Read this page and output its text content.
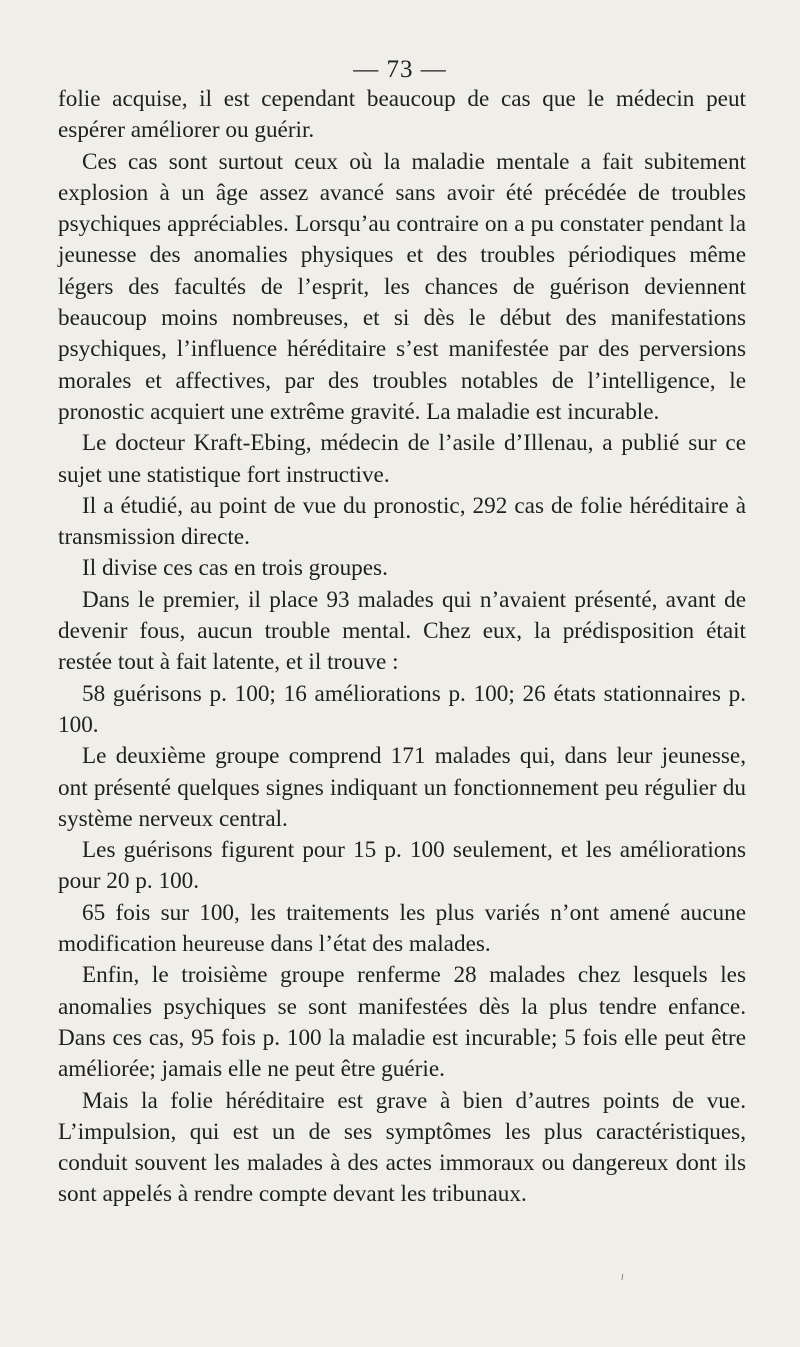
— 73 —

folie acquise, il est cependant beaucoup de cas que le médecin peut espérer améliorer ou guérir.

Ces cas sont surtout ceux où la maladie mentale a fait subitement explosion à un âge assez avancé sans avoir été précédée de troubles psychiques appréciables. Lorsqu’au contraire on a pu constater pendant la jeunesse des anomalies physiques et des troubles périodiques même légers des facultés de l’esprit, les chances de guérison deviennent beaucoup moins nombreuses, et si dès le début des manifestations psychiques, l’influence héréditaire s’est manifestée par des perversions morales et affectives, par des troubles notables de l’intelligence, le pronostic acquiert une extrême gravité. La maladie est incurable.

Le docteur Kraft-Ebing, médecin de l’asile d’Illenau, a publié sur ce sujet une statistique fort instructive.

Il a étudié, au point de vue du pronostic, 292 cas de folie héréditaire à transmission directe.

Il divise ces cas en trois groupes.

Dans le premier, il place 93 malades qui n’avaient présenté, avant de devenir fous, aucun trouble mental. Chez eux, la prédisposition était restée tout à fait latente, et il trouve :

58 guérisons p. 100; 16 améliorations p. 100; 26 états stationnaires p. 100.

Le deuxième groupe comprend 171 malades qui, dans leur jeunesse, ont présenté quelques signes indiquant un fonctionnement peu régulier du système nerveux central.

Les guérisons figurent pour 15 p. 100 seulement, et les améliorations pour 20 p. 100.

65 fois sur 100, les traitements les plus variés n’ont amené aucune modification heureuse dans l’état des malades.

Enfin, le troisième groupe renferme 28 malades chez lesquels les anomalies psychiques se sont manifestées dès la plus tendre enfance. Dans ces cas, 95 fois p. 100 la maladie est incurable; 5 fois elle peut être améliorée; jamais elle ne peut être guérie.

Mais la folie héréditaire est grave à bien d’autres points de vue. L’impulsion, qui est un de ses symptômes les plus caractéristiques, conduit souvent les malades à des actes immoraux ou dangereux dont ils sont appelés à rendre compte devant les tribunaux.

⸝
